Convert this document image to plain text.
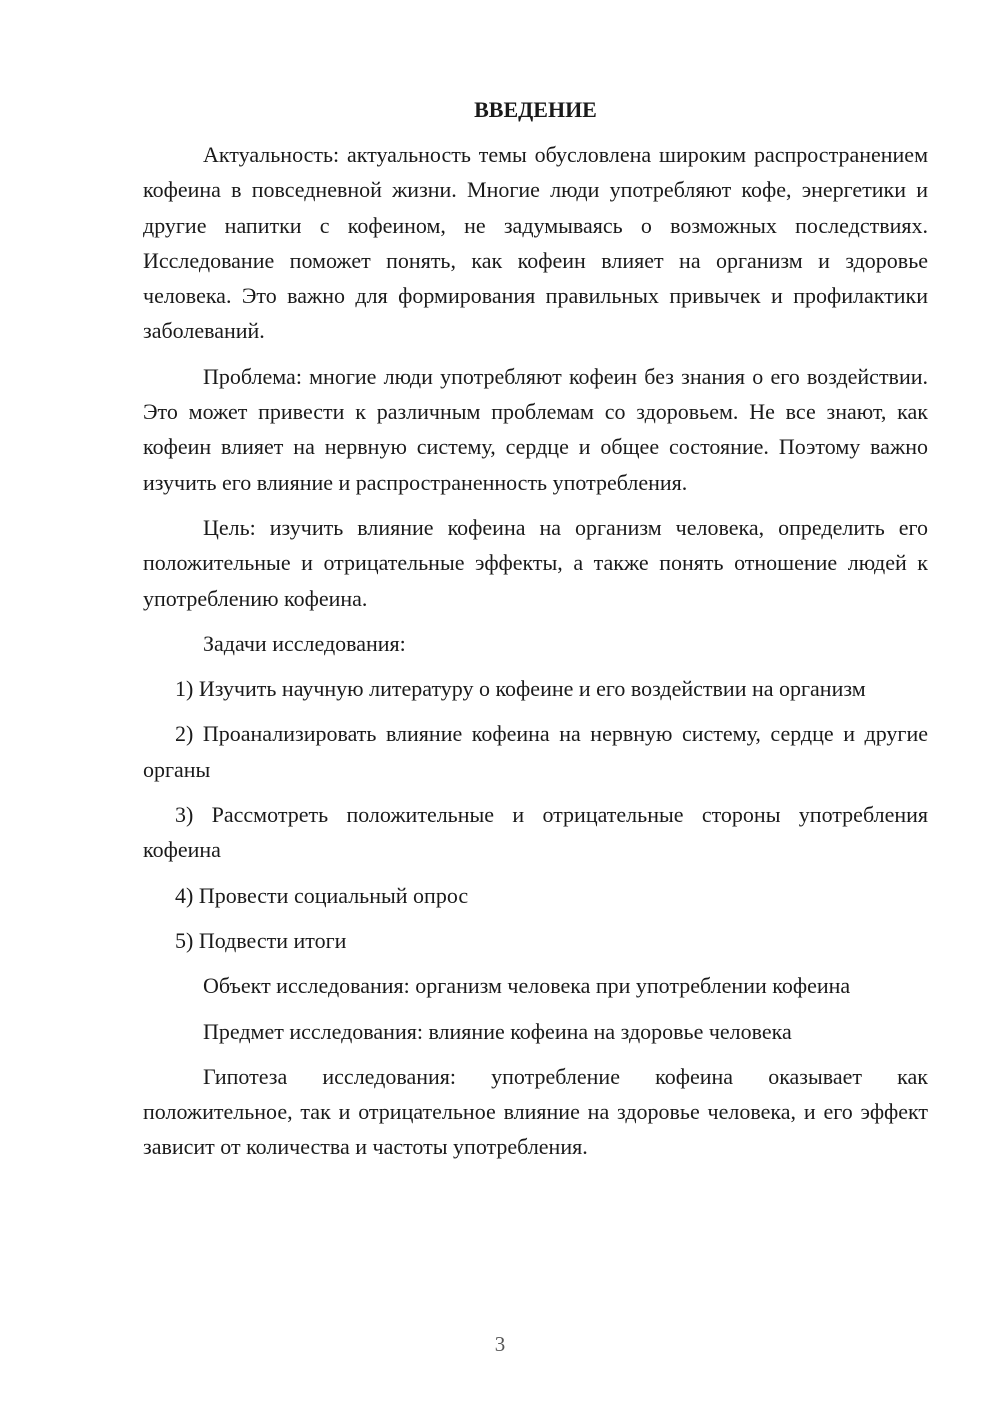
ВВЕДЕНИЕ

Актуальность: актуальность темы обусловлена широким распространением кофеина в повседневной жизни. Многие люди употребляют кофе, энергетики и другие напитки с кофеином, не задумываясь о возможных последствиях. Исследование поможет понять, как кофеин влияет на организм и здоровье человека. Это важно для формирования правильных привычек и профилактики заболеваний.

Проблема: многие люди употребляют кофеин без знания о его воздействии. Это может привести к различным проблемам со здоровьем. Не все знают, как кофеин влияет на нервную систему, сердце и общее состояние. Поэтому важно изучить его влияние и распространенность употребления.

Цель: изучить влияние кофеина на организм человека, определить его положительные и отрицательные эффекты, а также понять отношение людей к употреблению кофеина.

Задачи исследования:

1) Изучить научную литературу о кофеине и его воздействии на организм

2) Проанализировать влияние кофеина на нервную систему, сердце и другие органы

3) Рассмотреть положительные и отрицательные стороны употребления кофеина

4) Провести социальный опрос

5) Подвести итоги

Объект исследования: организм человека при употреблении кофеина

Предмет исследования: влияние кофеина на здоровье человека

Гипотеза исследования: употребление кофеина оказывает как положительное, так и отрицательное влияние на здоровье человека, и его эффект зависит от количества и частоты употребления.

3
